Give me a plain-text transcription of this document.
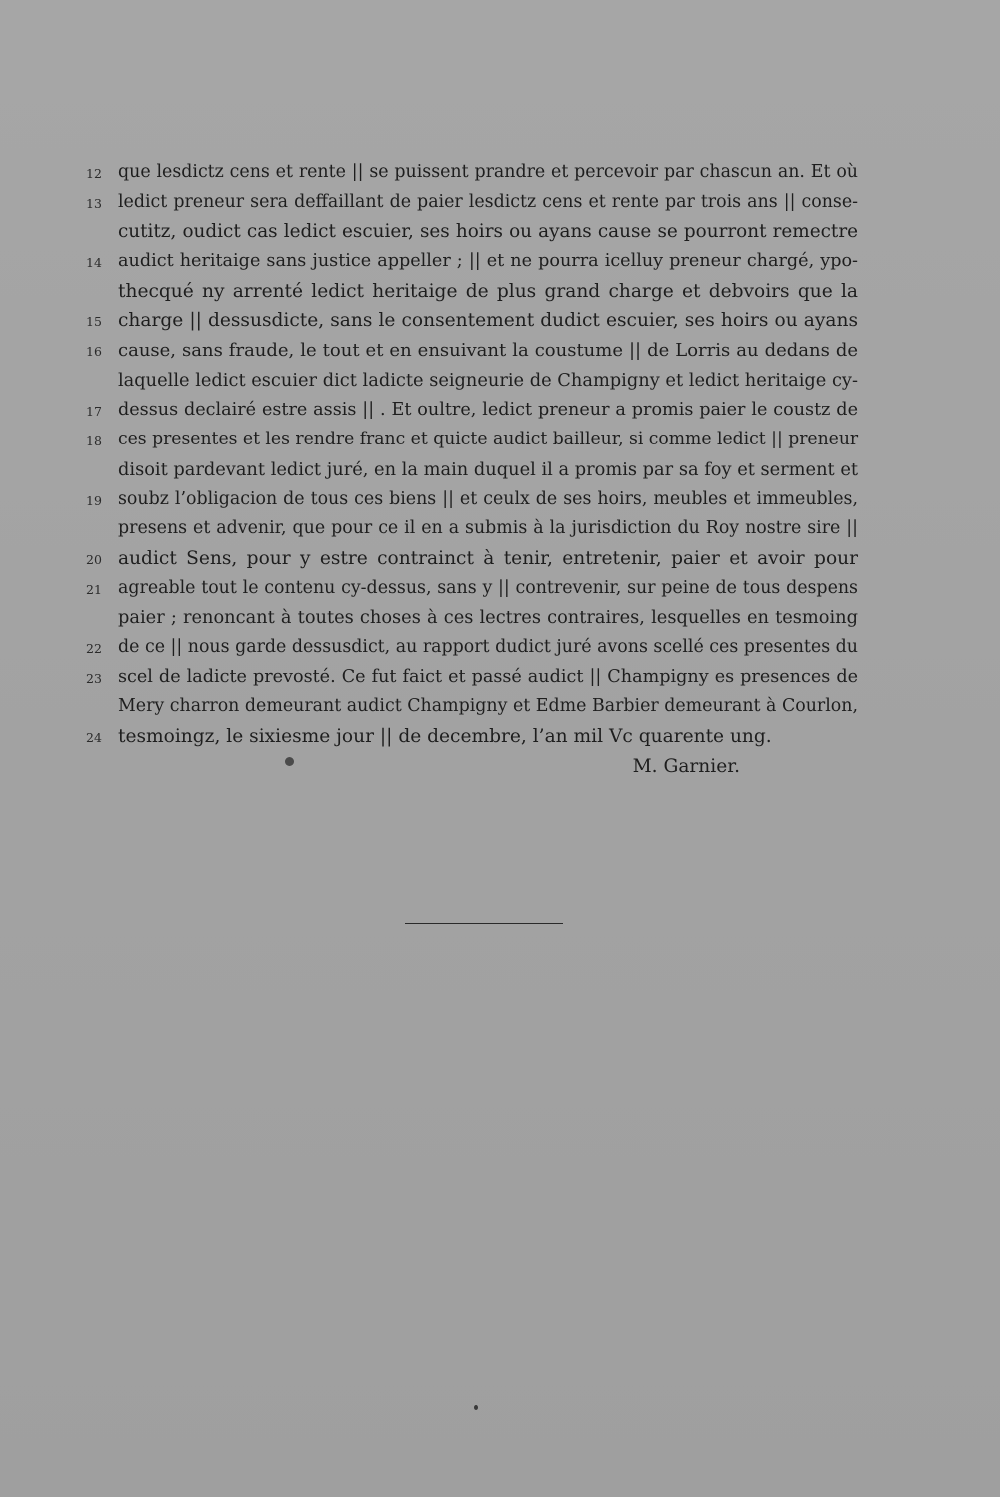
12 que lesdictz cens et rente || se puissent prandre et percevoir par chascun an. Et où
13 ledict preneur sera deffaillant de paier lesdictz cens et rente par trois ans || conse-
cutitz, oudict cas ledict escuier, ses hoirs ou ayans cause se pourront remectre
14 audict heritaige sans justice appeller ; || et ne pourra icelluy preneur chargé, ypo-
thecqué ny arrenté ledict heritaige de plus grand charge et debvoirs que la
15 charge || dessusdicte, sans le consentement dudict escuier, ses hoirs ou ayans
16 cause, sans fraude, le tout et en ensuivant la coustume || de Lorris au dedans de
laquelle ledict escuier dict ladicte seigneurie de Champigny et ledict heritaige cy-
17 dessus declairé estre assis || . Et oultre, ledict preneur a promis paier le coustz de
18 ces presentes et les rendre franc et quicte audict bailleur, si comme ledict || preneur
disoit pardevant ledict juré, en la main duquel il a promis par sa foy et serment et
19 soubz l’obligacion de tous ces biens || et ceulx de ses hoirs, meubles et immeubles,
presens et advenir, que pour ce il en a submis à la jurisdiction du Roy nostre sire ||
20 audict Sens, pour y estre contrainct à tenir, entretenir, paier et avoir pour
21 agreable tout le contenu cy-dessus, sans y || contrevenir, sur peine de tous despens
paier ; renoncant à toutes choses à ces lectres contraires, lesquelles en tesmoing
22 de ce || nous garde dessusdict, au rapport dudict juré avons scellé ces presentes du
23 scel de ladicte prevosté. Ce fut faict et passé audict || Champigny es presences de
Mery charron demeurant audict Champigny et Edme Barbier demeurant à Courlon,
24 tesmoingz, le sixiesme jour || de decembre, l’an mil Vc quarente ung.
M. Garnier.
